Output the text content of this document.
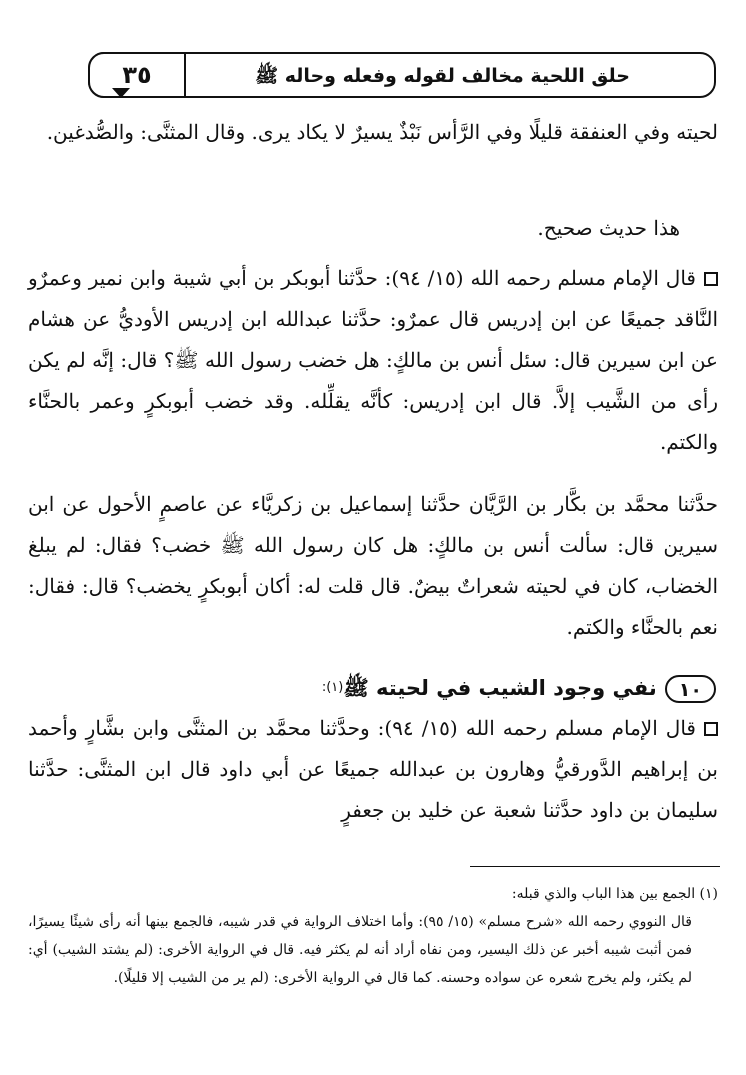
حلق اللحية مخالف لقوله وفعله وحاله ﷺ
٣٥
لحيته وفي العنفقة قليلًا وفي الرَّأس نَبْذٌ يسيرٌ لا يكاد يرى. وقال المثنَّى: والصُّدغين.
هذا حديث صحيح.
قال الإمام مسلم رحمه الله (١٥/ ٩٤): حدَّثنا أبوبكر بن أبي شيبة وابن نمير وعمرٌو النَّاقد جميعًا عن ابن إدريس قال عمرٌو: حدَّثنا عبدالله ابن إدريس الأوديُّ عن هشام عن ابن سيرين قال: سئل أنس بن مالكٍ: هل خضب رسول الله ﷺ؟ قال: إنَّه لم يكن رأى من الشَّيب إلاَّ. قال ابن إدريس: كأنَّه يقلِّله. وقد خضب أبوبكرٍ وعمر بالحنَّاء والكتم.
حدَّثنا محمَّد بن بكَّار بن الرَّيَّان حدَّثنا إسماعيل بن زكريَّاء عن عاصمٍ الأحول عن ابن سيرين قال: سألت أنس بن مالكٍ: هل كان رسول الله ﷺ خضب؟ فقال: لم يبلغ الخضاب، كان في لحيته شعراتٌ بيضٌ. قال قلت له: أكان أبوبكرٍ يخضب؟ قال: فقال: نعم بالحنَّاء والكتم.
١٠نفي وجود الشيب في لحيته ﷺ$^{(١):}$
قال الإمام مسلم رحمه الله (١٥/ ٩٤): وحدَّثنا محمَّد بن المثنَّى وابن بشَّارٍ وأحمد بن إبراهيم الدَّورقيُّ وهارون بن عبدالله جميعًا عن أبي داود قال ابن المثنَّى: حدَّثنا سليمان بن داود حدَّثنا شعبة عن خليد بن جعفرٍ
(١) الجمع بين هذا الباب والذي قبله:
قال النووي رحمه الله «شرح مسلم» (١٥/ ٩٥): وأما اختلاف الرواية في قدر شيبه، فالجمع بينها أنه رأى شيئًا يسيرًا، فمن أثبت شيبه أخبر عن ذلك اليسير، ومن نفاه أراد أنه لم يكثر فيه. قال في الرواية الأخرى: (لم يشتد الشيب) أي: لم يكثر، ولم يخرج شعره عن سواده وحسنه. كما قال في الرواية الأخرى: (لم ير من الشيب إلا قليلًا).
